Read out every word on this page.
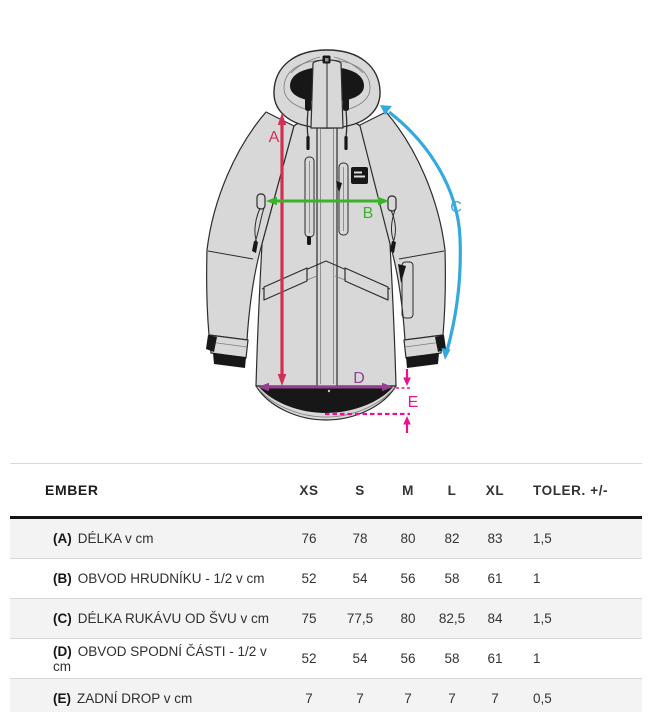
A
B	C
D
E
EMBER	XS	S	M	L	XL	TOLER. +/-
(A) DÉLKA v cm	76	78	80	82	83	1,5
(B) OBVOD HRUDNÍKU - 1/2 v cm	52	54	56	58	61	1
(C) DÉLKA RUKÁVU OD ŠVU v cm	75	77,5	80	82,5	84	1,5
(D) OBVOD SPODNÍ ČÁSTI - 1/2 v cm	52	54	56	58	61	1
(E) ZADNÍ DROP v cm	7	7	7	7	7	0,5
